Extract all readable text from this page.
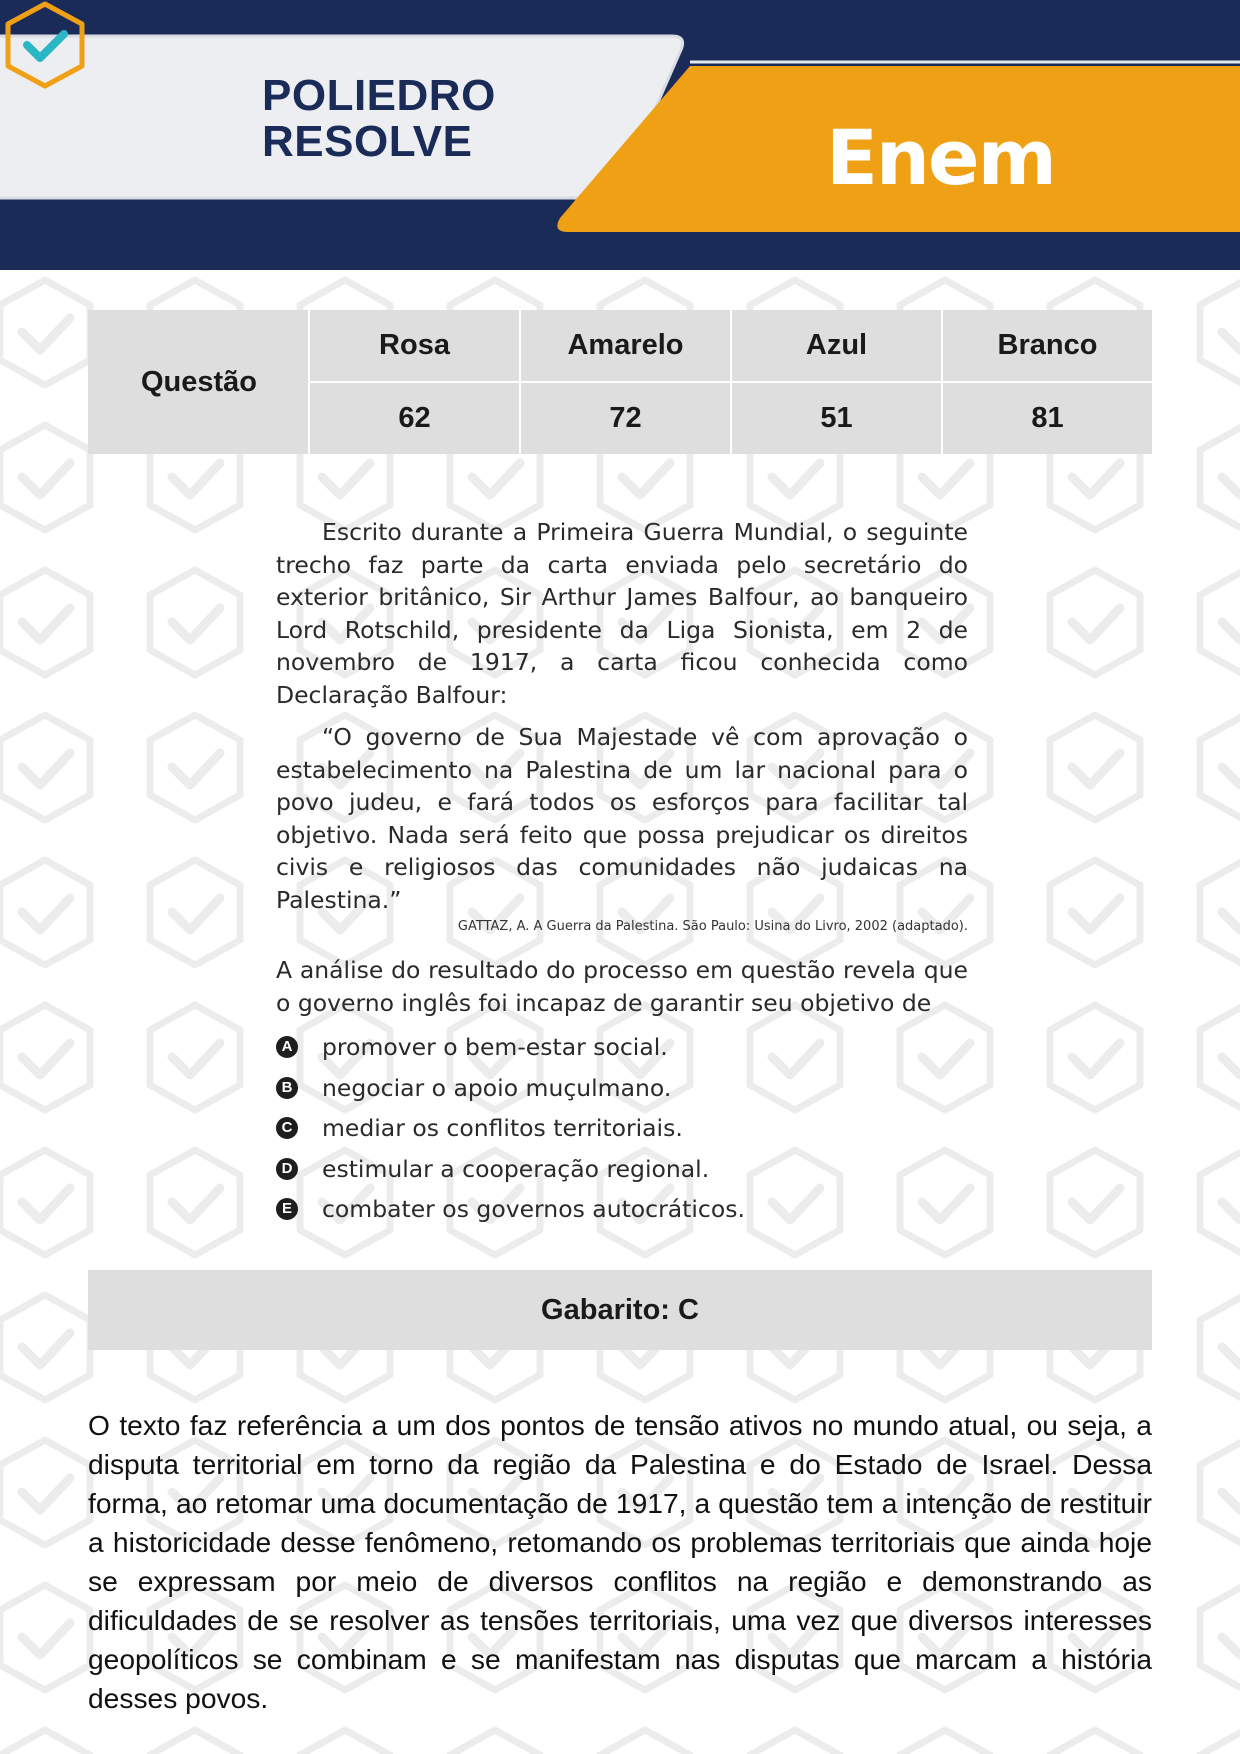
POLIEDRO
RESOLVE	Enem
Questão
Rosa	Amarelo	Azul	Branco
62	72	51	81

Escrito durante a Primeira Guerra Mundial, o seguinte trecho faz parte da carta enviada pelo secretário do exterior britânico, Sir Arthur James Balfour, ao banqueiro Lord Rotschild, presidente da Liga Sionista, em 2 de novembro de 1917, a carta ficou conhecida como Declaração Balfour:

“O governo de Sua Majestade vê com aprovação o estabelecimento na Palestina de um lar nacional para o povo judeu, e fará todos os esforços para facilitar tal objetivo. Nada será feito que possa prejudicar os direitos civis e religiosos das comunidades não judaicas na Palestina.”

GATTAZ, A. A Guerra da Palestina. São Paulo: Usina do Livro, 2002 (adaptado).

A análise do resultado do processo em questão revela que o governo inglês foi incapaz de garantir seu objetivo de

A promover o bem-estar social.
B negociar o apoio muçulmano.
C mediar os conflitos territoriais.
D estimular a cooperação regional.
E combater os governos autocráticos.
Gabarito: C

O texto faz referência a um dos pontos de tensão ativos no mundo atual, ou seja, a disputa territorial em torno da região da Palestina e do Estado de Israel. Dessa forma, ao retomar uma documentação de 1917, a questão tem a intenção de restituir a historicidade desse fenômeno, retomando os problemas territoriais que ainda hoje se expressam por meio de diversos conflitos na região e demonstrando as dificuldades de se resolver as tensões territoriais, uma vez que diversos interesses geopolíticos se combinam e se manifestam nas disputas que marcam a história desses povos.
